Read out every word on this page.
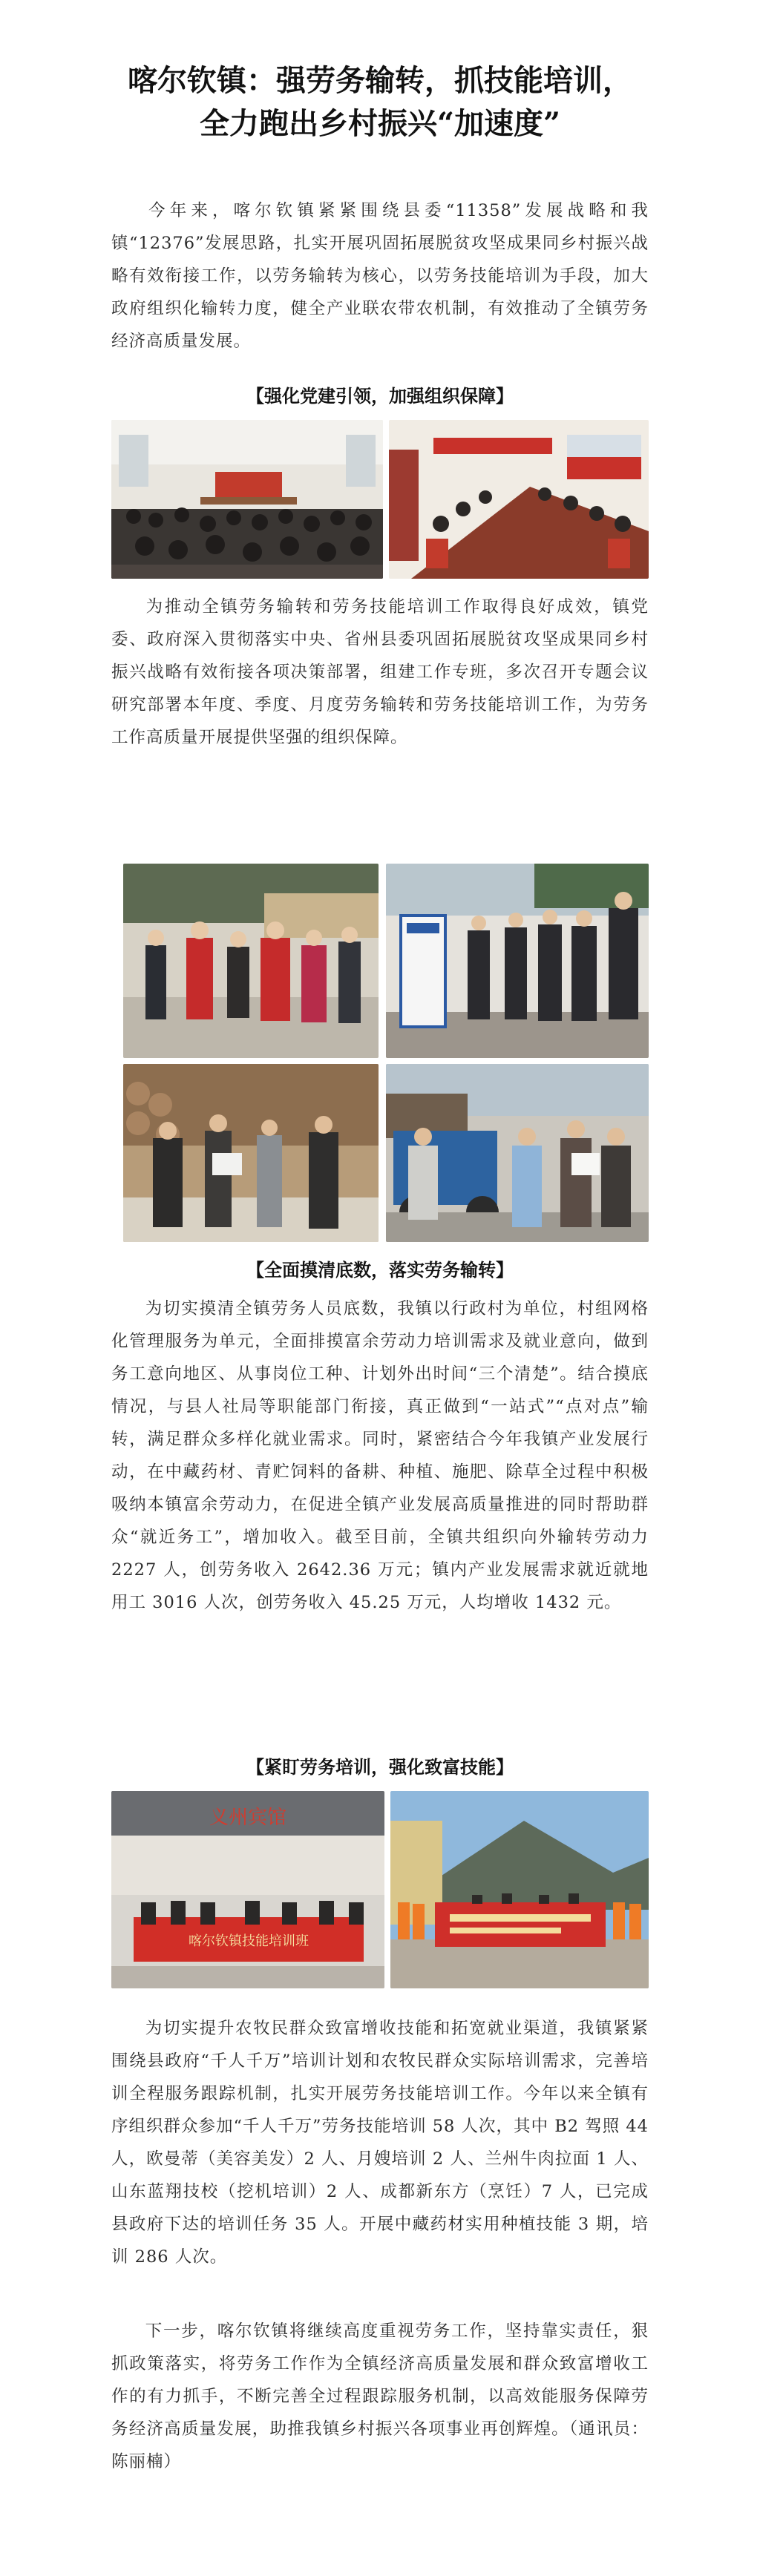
喀尔钦镇：强劳务输转，抓技能培训，
全力跑出乡村振兴“加速度”

今年来，喀尔钦镇紧紧围绕县委“11358”发展战略和我镇“12376”发展思路，扎实开展巩固拓展脱贫攻坚成果同乡村振兴战略有效衔接工作，以劳务输转为核心，以劳务技能培训为手段，加大政府组织化输转力度，健全产业联农带农机制，有效推动了全镇劳务经济高质量发展。

【强化党建引领，加强组织保障】

为推动全镇劳务输转和劳务技能培训工作取得良好成效，镇党委、政府深入贯彻落实中央、省州县委巩固拓展脱贫攻坚成果同乡村振兴战略有效衔接各项决策部署，组建工作专班，多次召开专题会议研究部署本年度、季度、月度劳务输转和劳务技能培训工作，为劳务工作高质量开展提供坚强的组织保障。

【全面摸清底数，落实劳务输转】

为切实摸清全镇劳务人员底数，我镇以行政村为单位，村组网格化管理服务为单元，全面排摸富余劳动力培训需求及就业意向，做到务工意向地区、从事岗位工种、计划外出时间“三个清楚”。结合摸底情况，与县人社局等职能部门衔接，真正做到“一站式”“点对点”输转，满足群众多样化就业需求。同时，紧密结合今年我镇产业发展行动，在中藏药材、青贮饲料的备耕、种植、施肥、除草全过程中积极吸纳本镇富余劳动力，在促进全镇产业发展高质量推进的同时帮助群众“就近务工”，增加收入。截至目前，全镇共组织向外输转劳动力 2227 人，创劳务收入 2642.36 万元；镇内产业发展需求就近就地用工 3016 人次，创劳务收入 45.25 万元，人均增收 1432 元。

【紧盯劳务培训，强化致富技能】
义州宾馆
喀尔钦镇技能培训班

为切实提升农牧民群众致富增收技能和拓宽就业渠道，我镇紧紧围绕县政府“千人千万”培训计划和农牧民群众实际培训需求，完善培训全程服务跟踪机制，扎实开展劳务技能培训工作。今年以来全镇有序组织群众参加“千人千万”劳务技能培训 58 人次，其中 B2 驾照 44 人，欧曼蒂（美容美发）2 人、月嫂培训 2 人、兰州牛肉拉面 1 人、山东蓝翔技校（挖机培训）2 人、成都新东方（烹饪）7 人，已完成县政府下达的培训任务 35 人。开展中藏药材实用种植技能 3 期，培训 286 人次。

下一步，喀尔钦镇将继续高度重视劳务工作，坚持靠实责任，狠抓政策落实，将劳务工作作为全镇经济高质量发展和群众致富增收工作的有力抓手，不断完善全过程跟踪服务机制，以高效能服务保障劳务经济高质量发展，助推我镇乡村振兴各项事业再创辉煌。（通讯员：陈丽楠）
